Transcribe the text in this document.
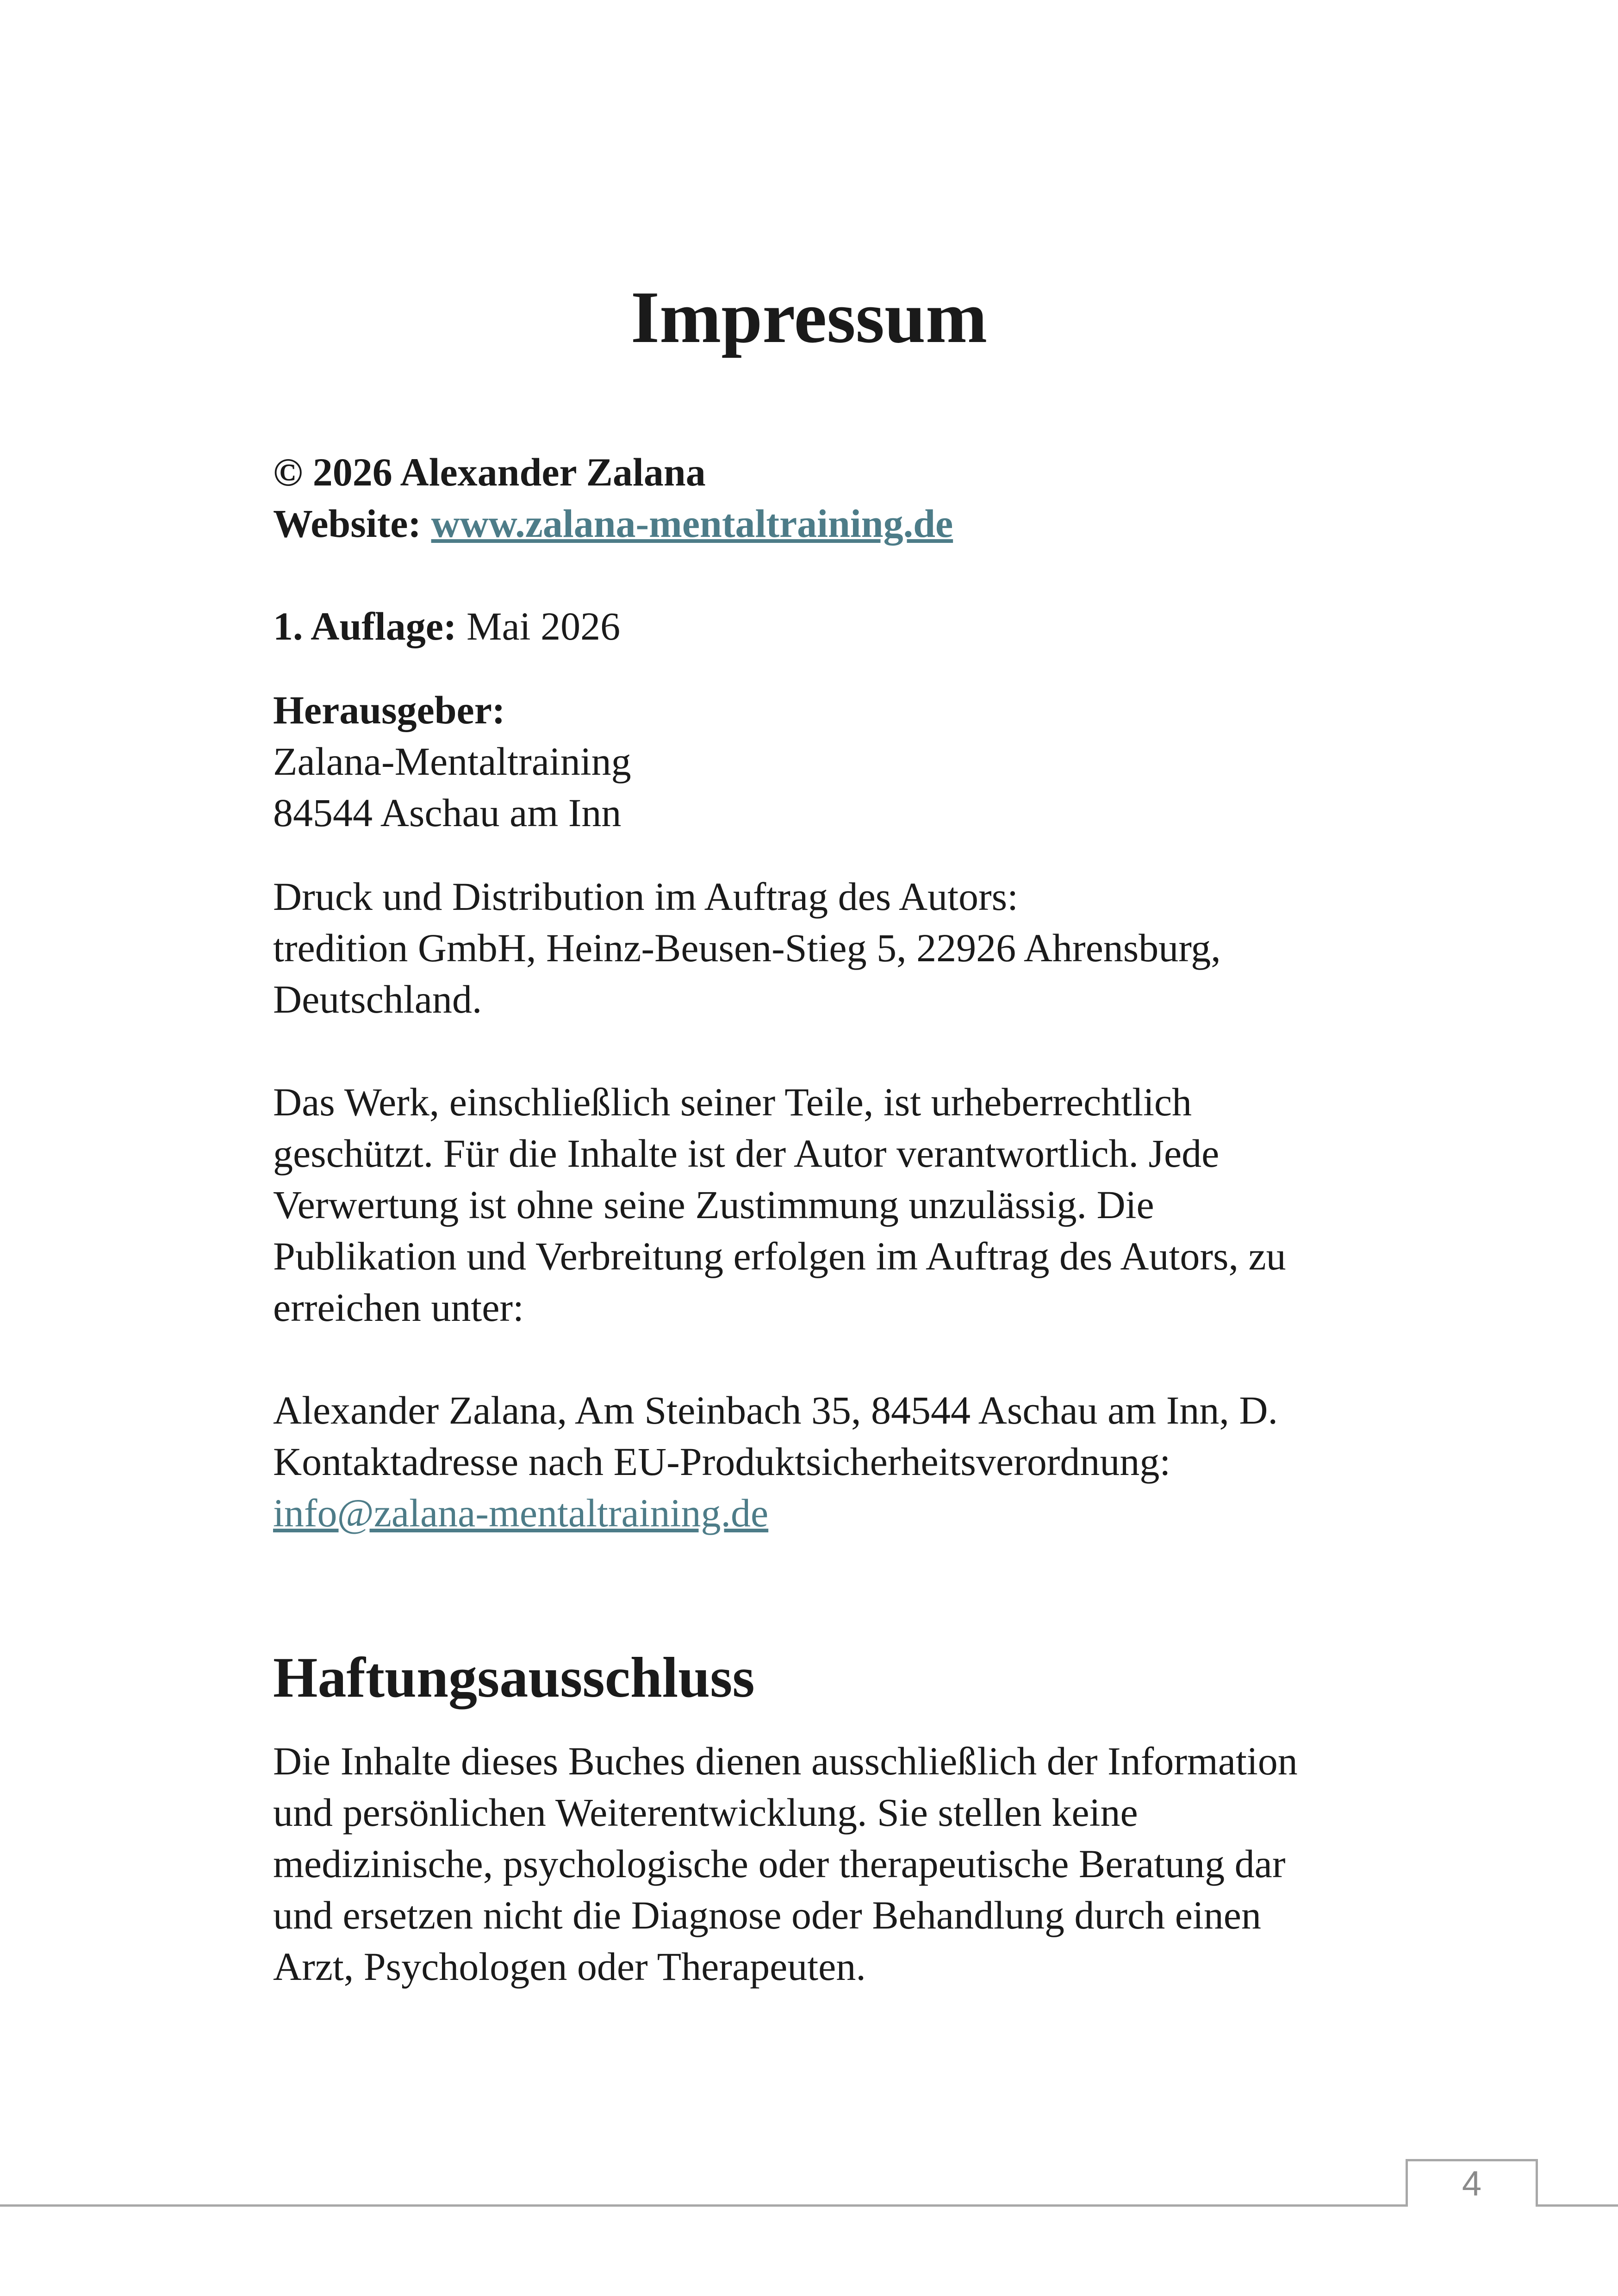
Impressum

© 2026 Alexander Zalana

Website: www.zalana-mentaltraining.de

1. Auflage: Mai 2026

Herausgeber:

Zalana-Mentaltraining

84544 Aschau am Inn

Druck und Distribution im Auftrag des Autors:

tredition GmbH, Heinz-Beusen-Stieg 5, 22926 Ahrensburg,

Deutschland.

Das Werk, einschließlich seiner Teile, ist urheberrechtlich

geschützt. Für die Inhalte ist der Autor verantwortlich. Jede

Verwertung ist ohne seine Zustimmung unzulässig. Die

Publikation und Verbreitung erfolgen im Auftrag des Autors, zu

erreichen unter:

Alexander Zalana, Am Steinbach 35, 84544 Aschau am Inn, D.

Kontaktadresse nach EU-Produktsicherheitsverordnung:

info@zalana-mentaltraining.de

Haftungsausschluss

Die Inhalte dieses Buches dienen ausschließlich der Information

und persönlichen Weiterentwicklung. Sie stellen keine

medizinische, psychologische oder therapeutische Beratung dar

und ersetzen nicht die Diagnose oder Behandlung durch einen

Arzt, Psychologen oder Therapeuten.

4
